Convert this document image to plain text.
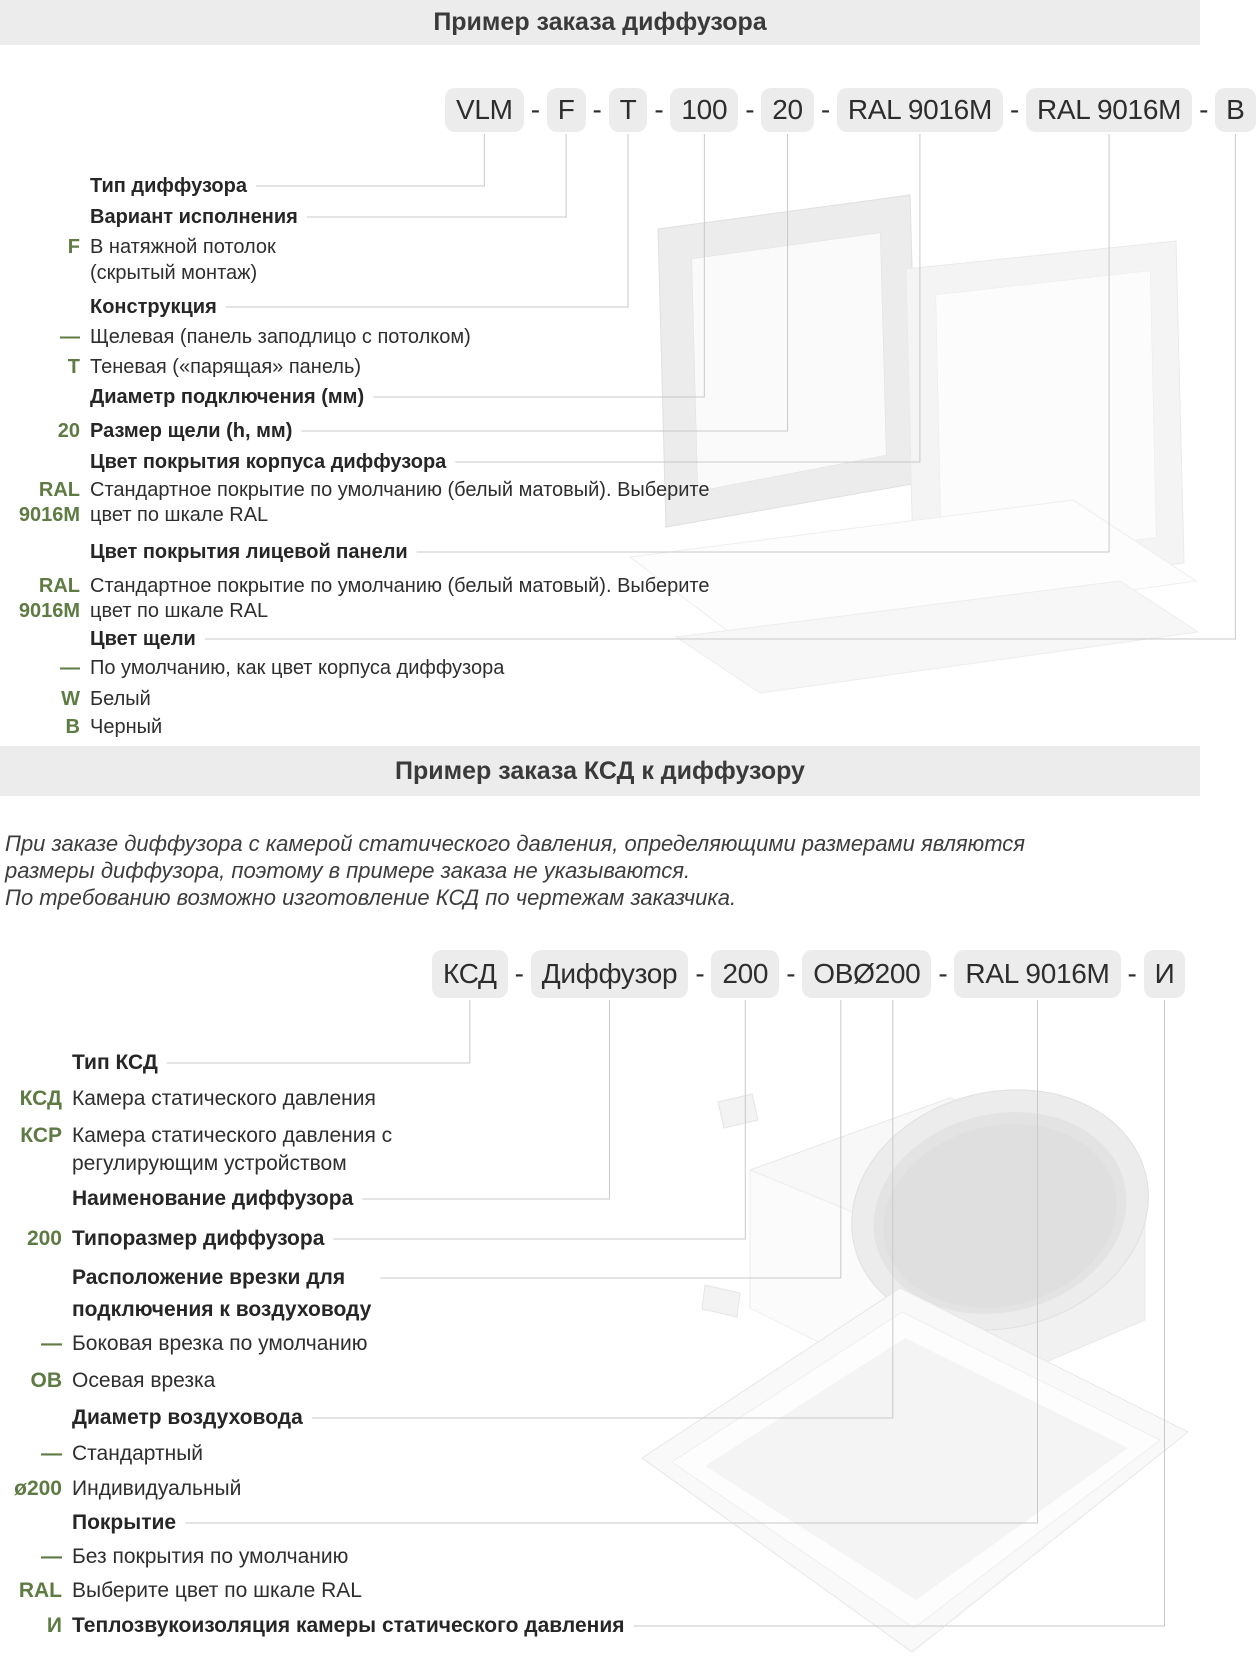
Пример заказа диффузора
Пример заказа КСД к диффузору
VLM - F - T - 100 - 20 - RAL 9016M - RAL 9016M - B
Тип диффузора
Вариант исполнения
F В натяжной потолок
(скрытый монтаж)
Конструкция
— Щелевая (панель заподлицо с потолком)
T Теневая («парящая» панель)
Диаметр подключения (мм)
20 Размер щели (h, мм)
Цвет покрытия корпуса диффузора
RAL
9016M
Стандартное покрытие по умолчанию (белый матовый). Выберите
цвет по шкале RAL
Цвет покрытия лицевой панели
RAL
9016M
Стандартное покрытие по умолчанию (белый матовый). Выберите
цвет по шкале RAL
Цвет щели
— По умолчанию, как цвет корпуса диффузора
W Белый
B Черный
При заказе диффузора с камерой статического давления, определяющими размерами являются
размеры диффузора, поэтому в примере заказа не указываются.
По требованию возможно изготовление КСД по чертежам заказчика.
КСД - Диффузор - 200 - ОВØ200 - RAL 9016M - И
Тип КСД
КСД Камера статического давления
КСР Камера статического давления с
регулирующим устройством
Наименование диффузора
200 Типоразмер диффузора
Расположение врезки для
подключения к воздуховоду
— Боковая врезка по умолчанию
ОВ Осевая врезка
Диаметр воздуховода
— Стандартный
ø200 Индивидуальный
Покрытие
— Без покрытия по умолчанию
RAL Выберите цвет по шкале RAL
И Теплозвукоизоляция камеры статического давления
